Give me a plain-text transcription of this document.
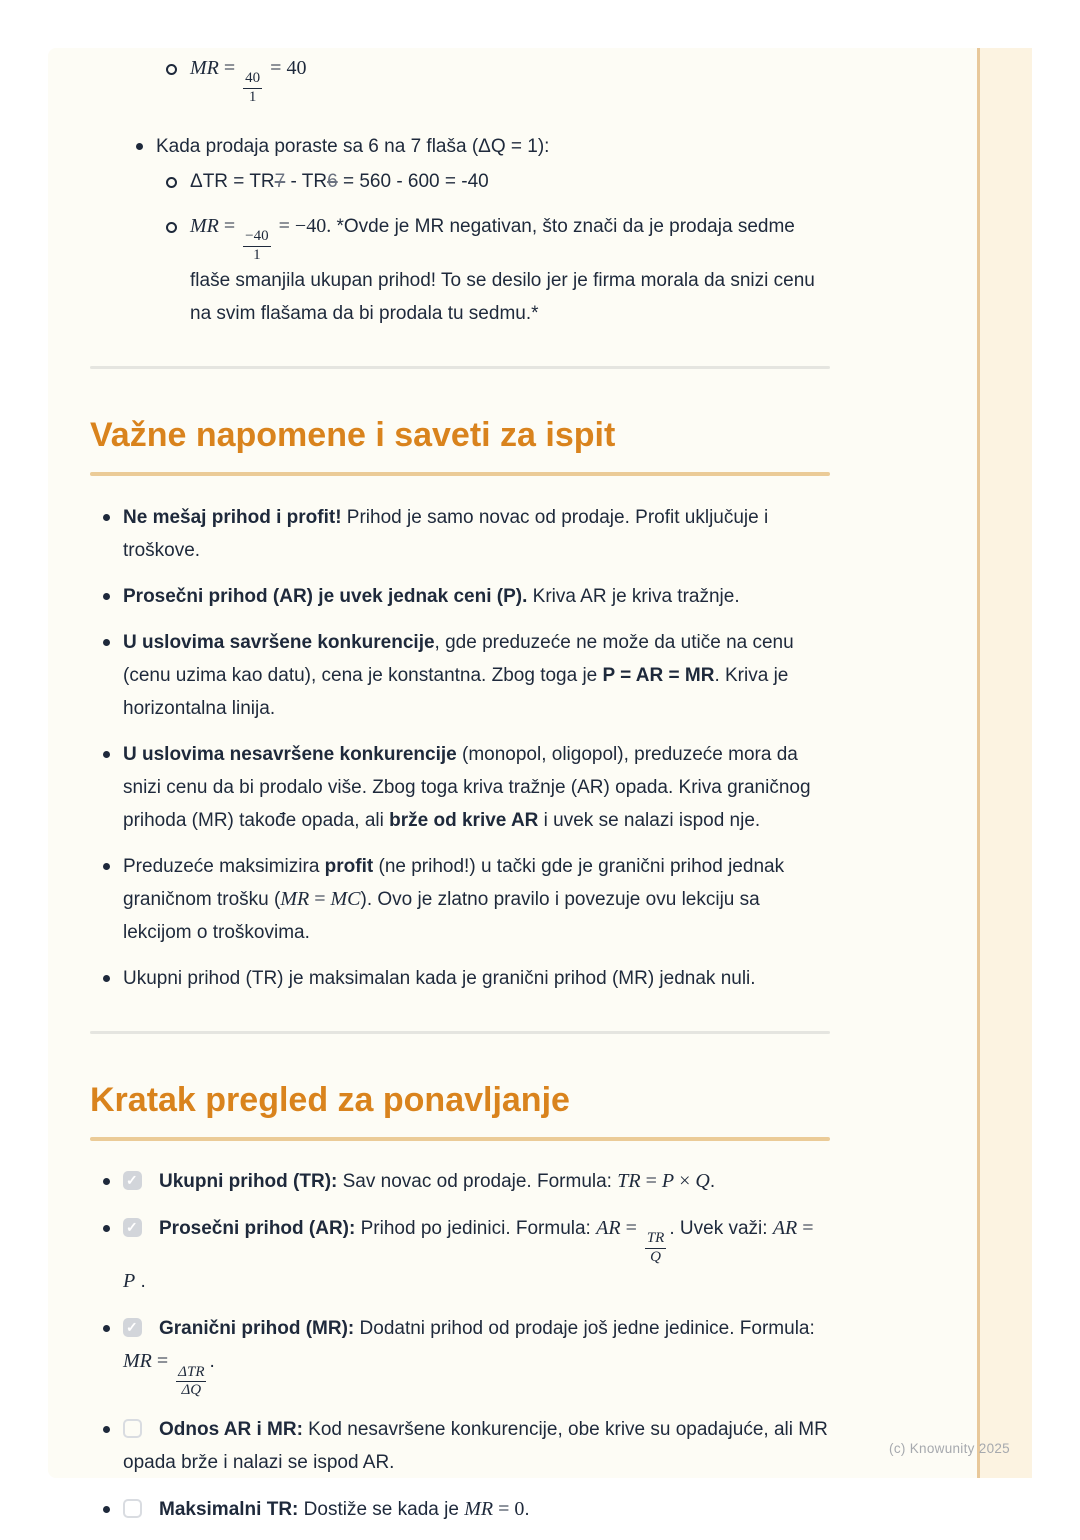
MR =
$\frac{40}{1}$
= 40
Kada prodaja poraste sa 6 na 7 flaša (ΔQ = 1):
ΔTR = TR7 - TR6 = 560 - 600 = -40
MR =
$\frac{-40}{1}$
= −40. *Ovde je MR negativan, što znači da je prodaja sedme flaše smanjila ukupan prihod! To se desilo jer je firma morala da snizi cenu na svim flašama da bi prodala tu sedmu.*
Važne napomene i saveti za ispit
Ne mešaj prihod i profit! Prihod je samo novac od prodaje. Profit uključuje i troškove.
Prosečni prihod (AR) je uvek jednak ceni (P). Kriva AR je kriva tražnje.
U uslovima savršene konkurencije, gde preduzeće ne može da utiče na cenu (cenu uzima kao datu), cena je konstantna. Zbog toga je P = AR = MR. Kriva je horizontalna linija.
U uslovima nesavršene konkurencije (monopol, oligopol), preduzeće mora da snizi cenu da bi prodalo više. Zbog toga kriva tražnje (AR) opada. Kriva graničnog prihoda (MR) takođe opada, ali brže od krive AR i uvek se nalazi ispod nje.
Preduzeće maksimizira profit (ne prihod!) u tački gde je granični prihod jednak graničnom trošku (MR = MC). Ovo je zlatno pravilo i povezuje ovu lekciju sa lekcijom o troškovima.
Ukupni prihod (TR) je maksimalan kada je granični prihod (MR) jednak nuli.
Kratak pregled za ponavljanje
✓Ukupni prihod (TR): Sav novac od prodaje. Formula: TR = P × Q.
✓Prosečni prihod (AR): Prihod po jedinici. Formula: AR =
$\frac{TR}{Q}$
. Uvek važi: AR = P .
✓Granični prihod (MR): Dodatni prihod od prodaje još jedne jedinice. Formula: MR =
$\frac{\text{ΔTR}}{\Delta Q}$
.
Odnos AR i MR: Kod nesavršene konkurencije, obe krive su opadajuće, ali MR opada brže i nalazi se ispod AR.
Maksimalni TR: Dostiže se kada je MR = 0.
(c) Knowunity 2025
